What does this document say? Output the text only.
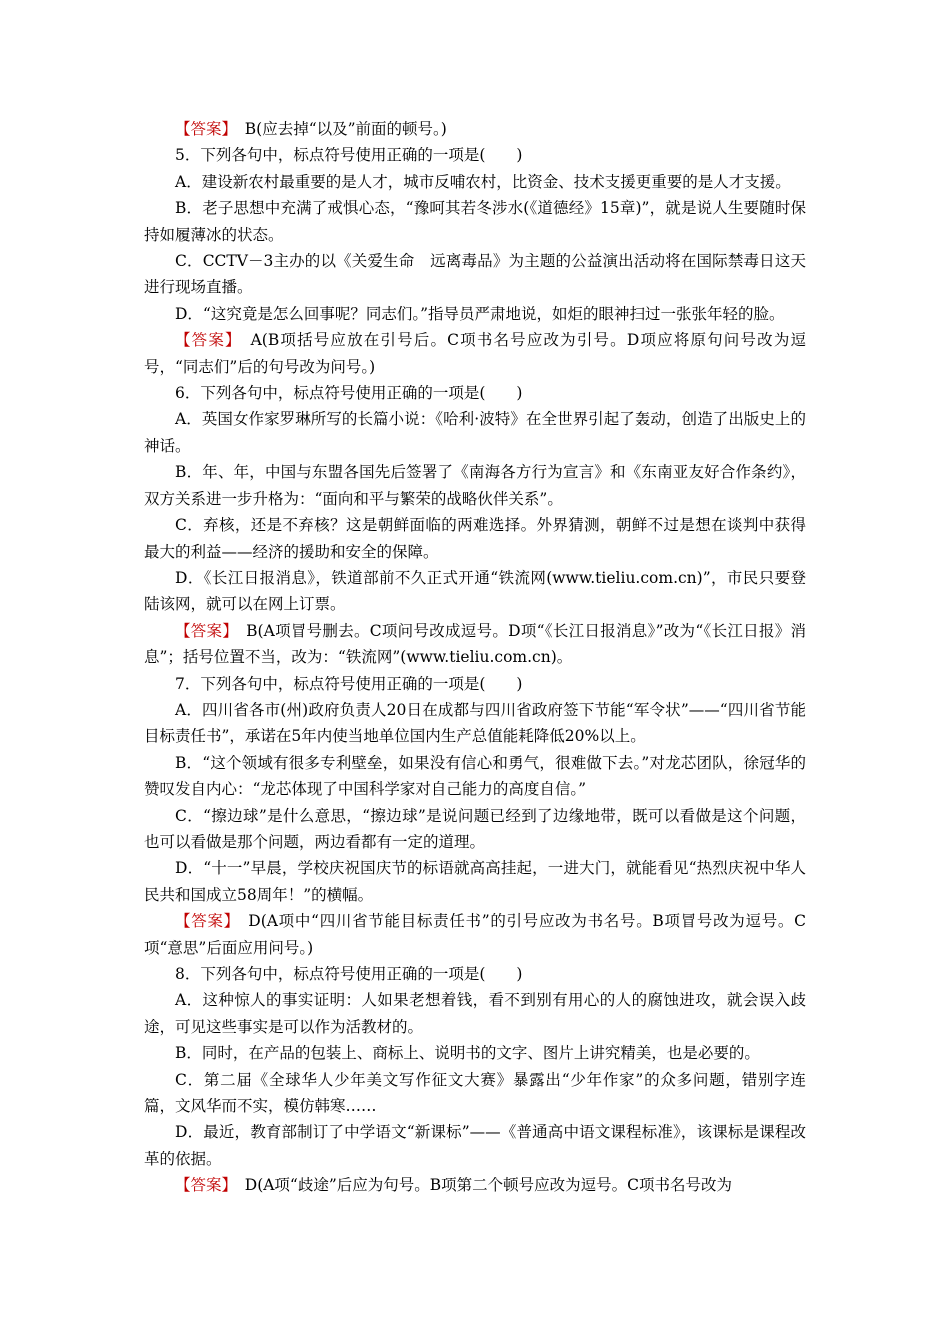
【答案】　B(应去掉“以及”前面的顿号。)

5．下列各句中，标点符号使用正确的一项是(　　)

A．建设新农村最重要的是人才，城市反哺农村，比资金、技术支援更重要的是人才支援。

B．老子思想中充满了戒惧心态，“豫呵其若冬涉水(《道德经》15章)”，就是说人生要随时保持如履薄冰的状态。

C．CCTV－3主办的以《关爱生命　远离毒品》为主题的公益演出活动将在国际禁毒日这天进行现场直播。

D．“这究竟是怎么回事呢？同志们。”指导员严肃地说，如炬的眼神扫过一张张年轻的脸。

【答案】　A(B项括号应放在引号后。C项书名号应改为引号。D项应将原句问号改为逗号，“同志们”后的句号改为问号。)

6．下列各句中，标点符号使用正确的一项是(　　)

A．英国女作家罗琳所写的长篇小说：《哈利·波特》在全世界引起了轰动，创造了出版史上的神话。

B．年、年，中国与东盟各国先后签署了《南海各方行为宣言》和《东南亚友好合作条约》，双方关系进一步升格为：“面向和平与繁荣的战略伙伴关系”。

C．弃核，还是不弃核？这是朝鲜面临的两难选择。外界猜测，朝鲜不过是想在谈判中获得最大的利益——经济的援助和安全的保障。

D．《长江日报消息》，铁道部前不久正式开通“铁流网(www.tieliu.com.cn)”，市民只要登陆该网，就可以在网上订票。

【答案】　B(A项冒号删去。C项问号改成逗号。D项“《长江日报消息》”改为“《长江日报》消息”；括号位置不当，改为：“铁流网”(www.tieliu.com.cn)。

7．下列各句中，标点符号使用正确的一项是(　　)

A．四川省各市(州)政府负责人20日在成都与四川省政府签下节能“军令状”——“四川省节能目标责任书”，承诺在5年内使当地单位国内生产总值能耗降低20%以上。

B．“这个领域有很多专利壁垒，如果没有信心和勇气，很难做下去。”对龙芯团队，徐冠华的赞叹发自内心：“龙芯体现了中国科学家对自己能力的高度自信。”

C．“擦边球”是什么意思，“擦边球”是说问题已经到了边缘地带，既可以看做是这个问题，也可以看做是那个问题，两边看都有一定的道理。

D．“十一”早晨，学校庆祝国庆节的标语就高高挂起，一进大门，就能看见“热烈庆祝中华人民共和国成立58周年！”的横幅。

【答案】　D(A项中“四川省节能目标责任书”的引号应改为书名号。B项冒号改为逗号。C项“意思”后面应用问号。)

8．下列各句中，标点符号使用正确的一项是(　　)

A．这种惊人的事实证明：人如果老想着钱，看不到别有用心的人的腐蚀进攻，就会误入歧途，可见这些事实是可以作为活教材的。

B．同时，在产品的包装上、商标上、说明书的文字、图片上讲究精美，也是必要的。

C．第二届《全球华人少年美文写作征文大赛》暴露出“少年作家”的众多问题，错别字连篇，文风华而不实，模仿韩寒……

D．最近，教育部制订了中学语文“新课标”——《普通高中语文课程标准》，该课标是课程改革的依据。

【答案】　D(A项“歧途”后应为句号。B项第二个顿号应改为逗号。C项书名号改为
